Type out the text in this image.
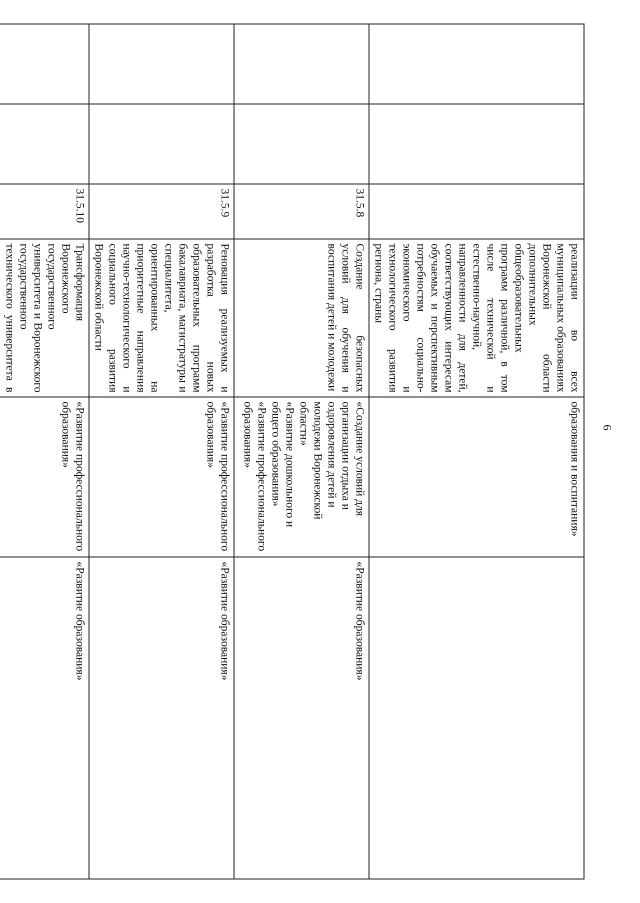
6
			реализации во всех муниципальных образованиях Воронежской области дополнительных общеобразовательных программ различной, в том числе технической и естественно-научной, направленности для детей, соответствующих интересам обучаемых и перспективным потребностям социально-экономического и технологического развития региона, страны	образования и воспитания»	
		31.5.8	Создание безопасных условий для обучения и воспитания детей и молодежи	«Создание условий для организации отдыха и оздоровления детей и молодежи Воронежской области»
«Развитие дошкольного и общего образования»
«Развитие профессионального образования»	«Развитие образования»
		31.5.9	Реновация реализуемых и разработка новых образовательных программ бакалавриата, магистратуры и специалитета, ориентированных на приоритетные направления научно-технологического и социального развития Воронежской области	«Развитие профессионального образования»	«Развитие образования»
		31.5.10	Трансформация Воронежского государственного университета и Воронежского государственного технического университета в	«Развитие профессионального образования»	«Развитие образования»
